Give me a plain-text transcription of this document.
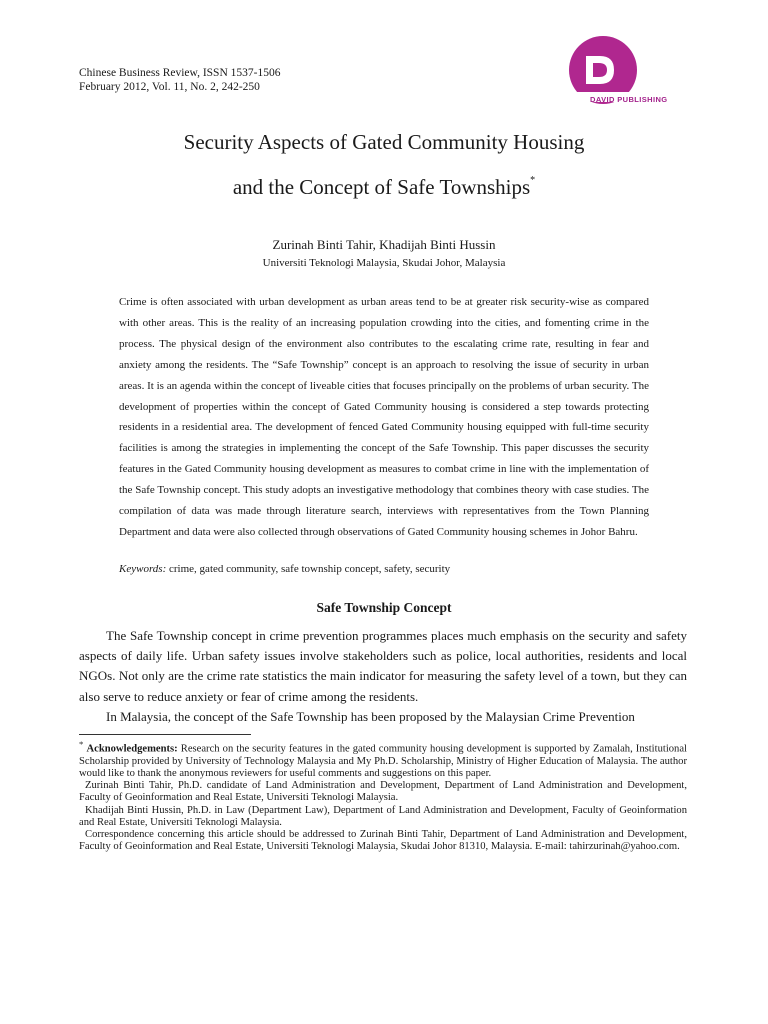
Chinese Business Review, ISSN 1537-1506
February 2012, Vol. 11, No. 2, 242-250
DAVID PUBLISHING
Security Aspects of Gated Community Housing
and the Concept of Safe Townships*
Zurinah Binti Tahir, Khadijah Binti Hussin
Universiti Teknologi Malaysia, Skudai Johor, Malaysia
Crime is often associated with urban development as urban areas tend to be at greater risk security-wise as compared with other areas. This is the reality of an increasing population crowding into the cities, and fomenting crime in the process. The physical design of the environment also contributes to the escalating crime rate, resulting in fear and anxiety among the residents. The “Safe Township” concept is an approach to resolving the issue of security in urban areas. It is an agenda within the concept of liveable cities that focuses principally on the problems of urban security. The development of properties within the concept of Gated Community housing is considered a step towards protecting residents in a residential area. The development of fenced Gated Community housing equipped with full-time security facilities is among the strategies in implementing the concept of the Safe Township. This paper discusses the security features in the Gated Community housing development as measures to combat crime in line with the implementation of the Safe Township concept. This study adopts an investigative methodology that combines theory with case studies. The compilation of data was made through literature search, interviews with representatives from the Town Planning Department and data were also collected through observations of Gated Community housing schemes in Johor Bahru.
Keywords: crime, gated community, safe township concept, safety, security
Safe Township Concept

The Safe Township concept in crime prevention programmes places much emphasis on the security and safety aspects of daily life. Urban safety issues involve stakeholders such as police, local authorities, residents and local NGOs. Not only are the crime rate statistics the main indicator for measuring the safety level of a town, but they can also serve to reduce anxiety or fear of crime among the residents.

In Malaysia, the concept of the Safe Township has been proposed by the Malaysian Crime Prevention

* Acknowledgements: Research on the security features in the gated community housing development is supported by Zamalah, Institutional Scholarship provided by University of Technology Malaysia and My Ph.D. Scholarship, Ministry of Higher Education of Malaysia. The author would like to thank the anonymous reviewers for useful comments and suggestions on this paper.

Zurinah Binti Tahir, Ph.D. candidate of Land Administration and Development, Department of Land Administration and Development, Faculty of Geoinformation and Real Estate, Universiti Teknologi Malaysia.

Khadijah Binti Hussin, Ph.D. in Law (Department Law), Department of Land Administration and Development, Faculty of Geoinformation and Real Estate, Universiti Teknologi Malaysia.

Correspondence concerning this article should be addressed to Zurinah Binti Tahir, Department of Land Administration and Development, Faculty of Geoinformation and Real Estate, Universiti Teknologi Malaysia, Skudai Johor 81310, Malaysia. E-mail: tahirzurinah@yahoo.com.
